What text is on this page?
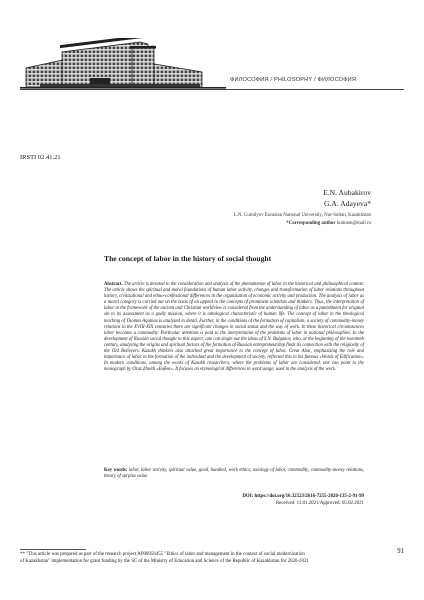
ФИЛОСОФИЯ / PHILOSOPHY / ФИЛОСОФИЯ
IRSTI 02.41.21
E.N. Aubakirov
G.A. Adayeva*
L.N. Gumilyov Eurasian National University, Nur-Sultan, Kazakhstan
*Corresponding author kumaon@mail.ru
The concept of labor in the history of social thought
Abstract. The article is devoted to the consideration and analysis of the phenomenon of labor in the historical and philosophical context. The article shows the spiritual and moral foundations of human labor activity, changes and transformation of labor relations throughout history, civilizational and ethno-confessional differences in the organization of economic activity and production. The analysis of labor as a moral category is carried out on the basis of an appeal to the concepts of prominent scientists and thinkers. Thus, the interpretation of labor in the framework of the ancient and Christian worldview is considered from the understanding of labor as a punishment for original sin to its assessment as a godly mission, where it is ontological characteristic of human life. The concept of labor in the theological teaching of Thomas Aquinas is analyzed in detail. Further, in the conditions of the formation of capitalism, a society of commodity-money relations in the XVIII-XIX centuries there are significant changes in social status and the way of work. In these historical circumstances labor becomes a commodity. Particular attention is paid to the interpretation of the problems of labor in national philosophies. In the development of Russian social thought in this aspect, one can single out the ideas of S.N. Bulgakov, who, at the beginning of the twentieth century, analyzing the origins and spiritual factors of the formation of Russian entrepreneurship finds its connection with the religiosity of the Old Believers. Kazakh thinkers also attached great importance to the concept of labor. Great Abai, emphasizing the role and importance of labor in the formation of the individual and the development of society, reflected this in his famous «Words of Edification». In modern conditions, among the works of Kazakh researchers, where the problems of labor are considered, one can point to the monograph by Oraz Zholdi «Eңбек». It focuses on etymological differences in word usage, used in the analysis of the work.
Key words: labor, labor activity, spiritual value, good, handled, work ethics, axiology of labor, commodity, commodity-money relations, theory of surplus value.
DOI: https://doi.org/10.32523/2616-7255-2020-135-2-91-99
Received: 11.01.2021/Approved: 05.02.2021
** "This article was prepared as part of the research project AP08956455 "Ethics of labor and management in the context of social modernization of Kazakhstan" implementation for grant funding by the SC of the Ministry of Education and Science of the Republic of Kazakhstan for 2020-2021
91
